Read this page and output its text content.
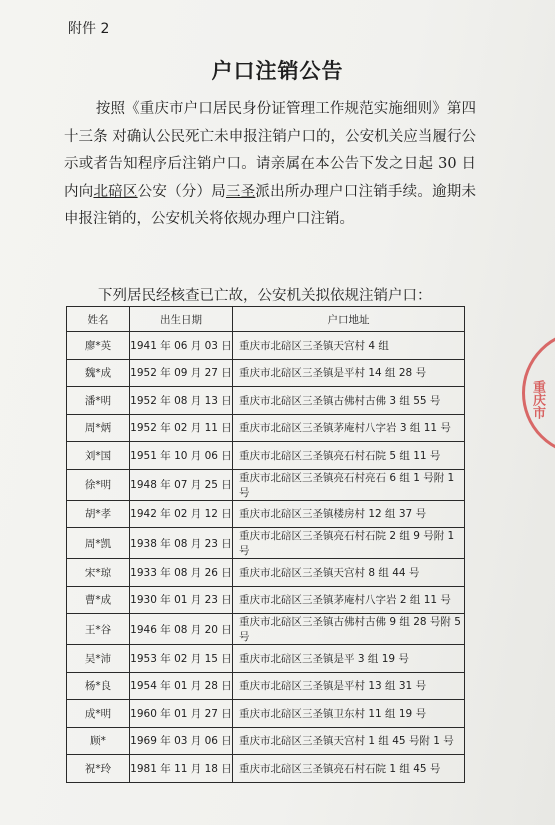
附件 2
户口注销公告
按照《重庆市户口居民身份证管理工作规范实施细则》第四十三条 对确认公民死亡未申报注销户口的，公安机关应当履行公示或者告知程序后注销户口。请亲属在本公告下发之日起 30 日内向北碚区公安（分）局三圣派出所办理户口注销手续。逾期未申报注销的，公安机关将依规办理户口注销。
下列居民经核查已亡故，公安机关拟依规注销户口：
姓名	出生日期	户口地址
廖*英	1941 年 06 月 03 日	重庆市北碚区三圣镇天宫村 4 组
魏*成	1952 年 09 月 27 日	重庆市北碚区三圣镇是平村 14 组 28 号
潘*明	1952 年 08 月 13 日	重庆市北碚区三圣镇古佛村古佛 3 组 55 号
周*炳	1952 年 02 月 11 日	重庆市北碚区三圣镇茅庵村八字岩 3 组 11 号
刘*国	1951 年 10 月 06 日	重庆市北碚区三圣镇亮石村石院 5 组 11 号
徐*明	1948 年 07 月 25 日	重庆市北碚区三圣镇亮石村亮石 6 组 1 号附 1 号
胡*孝	1942 年 02 月 12 日	重庆市北碚区三圣镇楼房村 12 组 37 号
周*凯	1938 年 08 月 23 日	重庆市北碚区三圣镇亮石村石院 2 组 9 号附 1 号
宋*琼	1933 年 08 月 26 日	重庆市北碚区三圣镇天宫村 8 组 44 号
曹*成	1930 年 01 月 23 日	重庆市北碚区三圣镇茅庵村八字岩 2 组 11 号
王*谷	1946 年 08 月 20 日	重庆市北碚区三圣镇古佛村古佛 9 组 28 号附 5 号
吴*沛	1953 年 02 月 15 日	重庆市北碚区三圣镇是平 3 组 19 号
杨*良	1954 年 01 月 28 日	重庆市北碚区三圣镇是平村 13 组 31 号
成*明	1960 年 01 月 27 日	重庆市北碚区三圣镇卫东村 11 组 19 号
顾*	1969 年 03 月 06 日	重庆市北碚区三圣镇天宫村 1 组 45 号附 1 号
祝*玲	1981 年 11 月 18 日	重庆市北碚区三圣镇亮石村石院 1 组 45 号
重庆市
